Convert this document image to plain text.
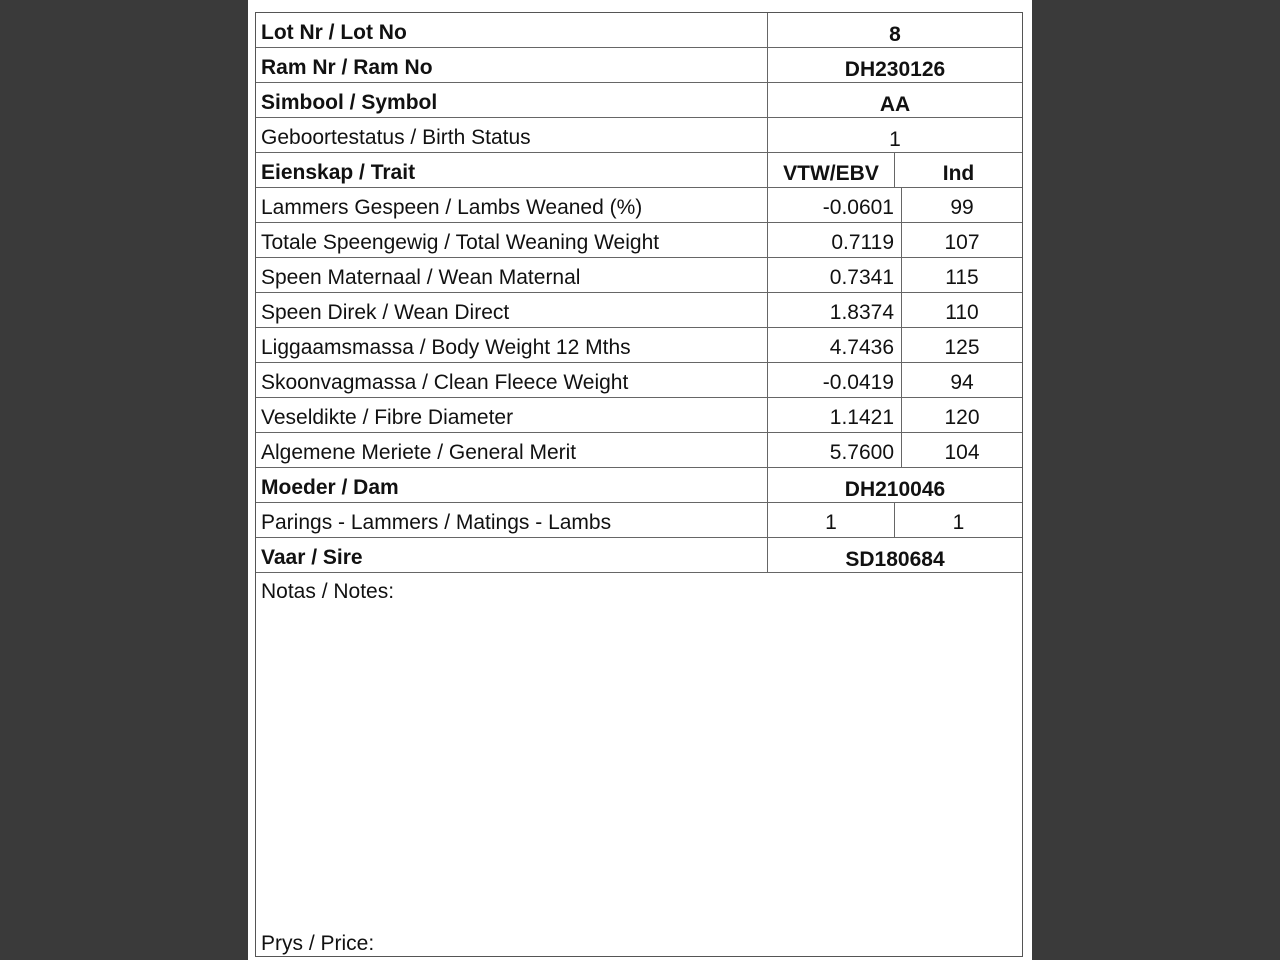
Lot Nr / Lot No	8
Ram Nr / Ram No	DH230126
Simbool / Symbol	AA
Geboortestatus / Birth Status	1
Eienskap / Trait	VTW/EBV	Ind
Lammers Gespeen / Lambs Weaned (%)	-0.0601	99
Totale Speengewig / Total Weaning Weight	0.7119	107
Speen Maternaal / Wean Maternal	0.7341	115
Speen Direk / Wean Direct	1.8374	110
Liggaamsmassa / Body Weight 12 Mths	4.7436	125
Skoonvagmassa / Clean Fleece Weight	-0.0419	94
Veseldikte / Fibre Diameter	1.1421	120
Algemene Meriete / General Merit	5.7600	104
Moeder / Dam	DH210046
Parings - Lammers / Matings - Lambs	1	1
Vaar / Sire	SD180684
Notas / Notes:
Prys / Price:
